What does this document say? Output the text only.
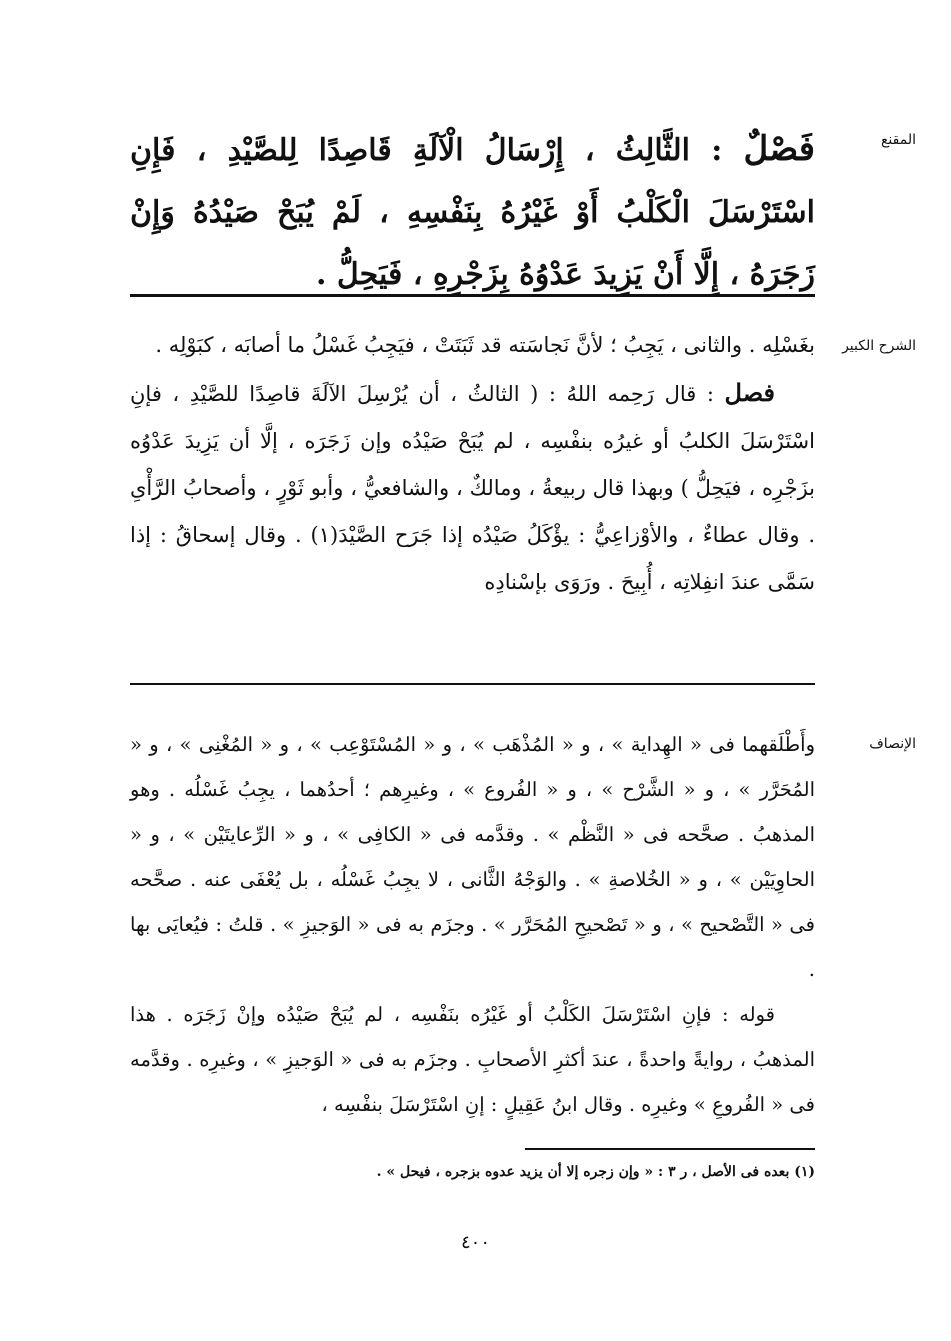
المقنع

فَصْلٌ : الثَّالِثُ ، إِرْسَالُ الْآلَةِ قَاصِدًا لِلصَّيْدِ ، فَإِنِ اسْتَرْسَلَ الْكَلْبُ أَوْ غَيْرُهُ بِنَفْسِهِ ، لَمْ يُبَحْ صَيْدُهُ وَإِنْ زَجَرَهُ ، إِلَّا أَنْ يَزِيدَ عَدْوُهُ بِزَجْرِهِ ، فَيَحِلُّ .

الشرح الكبير

بغَسْلِه . والثانى ، يَجِبُ ؛ لأنَّ نَجاسَته قد ثَبَتَتْ ، فيَجِبُ غَسْلُ ما أصابَه ، كبَوْلِه .

فصل : قال رَحِمه اللهُ : ( الثالثُ ، أن يُرْسِلَ الآلَةَ قاصِدًا للصَّيْدِ ، فإنِ اسْتَرْسَلَ الكلبُ أو غيرُه بنفْسِه ، لم يُبَحْ صَيْدُه وإن زَجَرَه ، إلَّا أن يَزِيدَ عَدْوُه بزَجْرِه ، فيَحِلُّ ) وبهذا قال ربيعةُ ، ومالكٌ ، والشافعيُّ ، وأبو ثَوْرٍ ، وأصحابُ الرَّأْىِ . وقال عطاءٌ ، والأوْزاعِيُّ : يؤْكَلُ صَيْدُه إذا جَرَح الصَّيْدَ(١) . وقال إسحاقُ : إذا سَمَّى عندَ انفِلاتِه ، أُبِيحَ . ورَوَى بإسْنادِه

الإنصاف

وأَطْلَقهما فى « الهِداية » ، و « المُذْهَب » ، و « المُسْتَوْعِب » ، و « المُغْنِى » ، و « المُحَرَّر » ، و « الشَّرْح » ، و « الفُروع » ، وغيرِهم ؛ أحدُهما ، يجِبُ غَسْلُه . وهو المذهبُ . صحَّحه فى « النَّظْم » . وقدَّمه فى « الكافِى » ، و « الرِّعايتَيْن » ، و « الحاوِيَيْن » ، و « الخُلاصةِ » . والوَجْهُ الثَّانى ، لا يجِبُ غَسْلُه ، بل يُعْفَى عنه . صحَّحه فى « التَّصْحيح » ، و « تَصْحيحِ المُحَرَّر » . وجزَم به فى « الوَجيزِ » . قلتُ : فيُعايَى بها .

قوله : فإنِ اسْتَرْسَلَ الكَلْبُ أو غَيْرُه بنَفْسِه ، لم يُبَحْ صَيْدُه وإنْ زَجَرَه . هذا المذهبُ ، روايةً واحدةً ، عندَ أكثرِ الأصحابِ . وجزَم به فى « الوَجيزِ » ، وغيرِه . وقدَّمه فى « الفُروعِ » وغيرِه . وقال ابنُ عَقِيلٍ : إنِ اسْتَرْسَلَ بنفْسِه ،

(١) بعده فى الأصل ، ر ٣ : « وإن زجره إلا أن يزيد عدوه بزجره ، فيحل » .
٤٠٠
